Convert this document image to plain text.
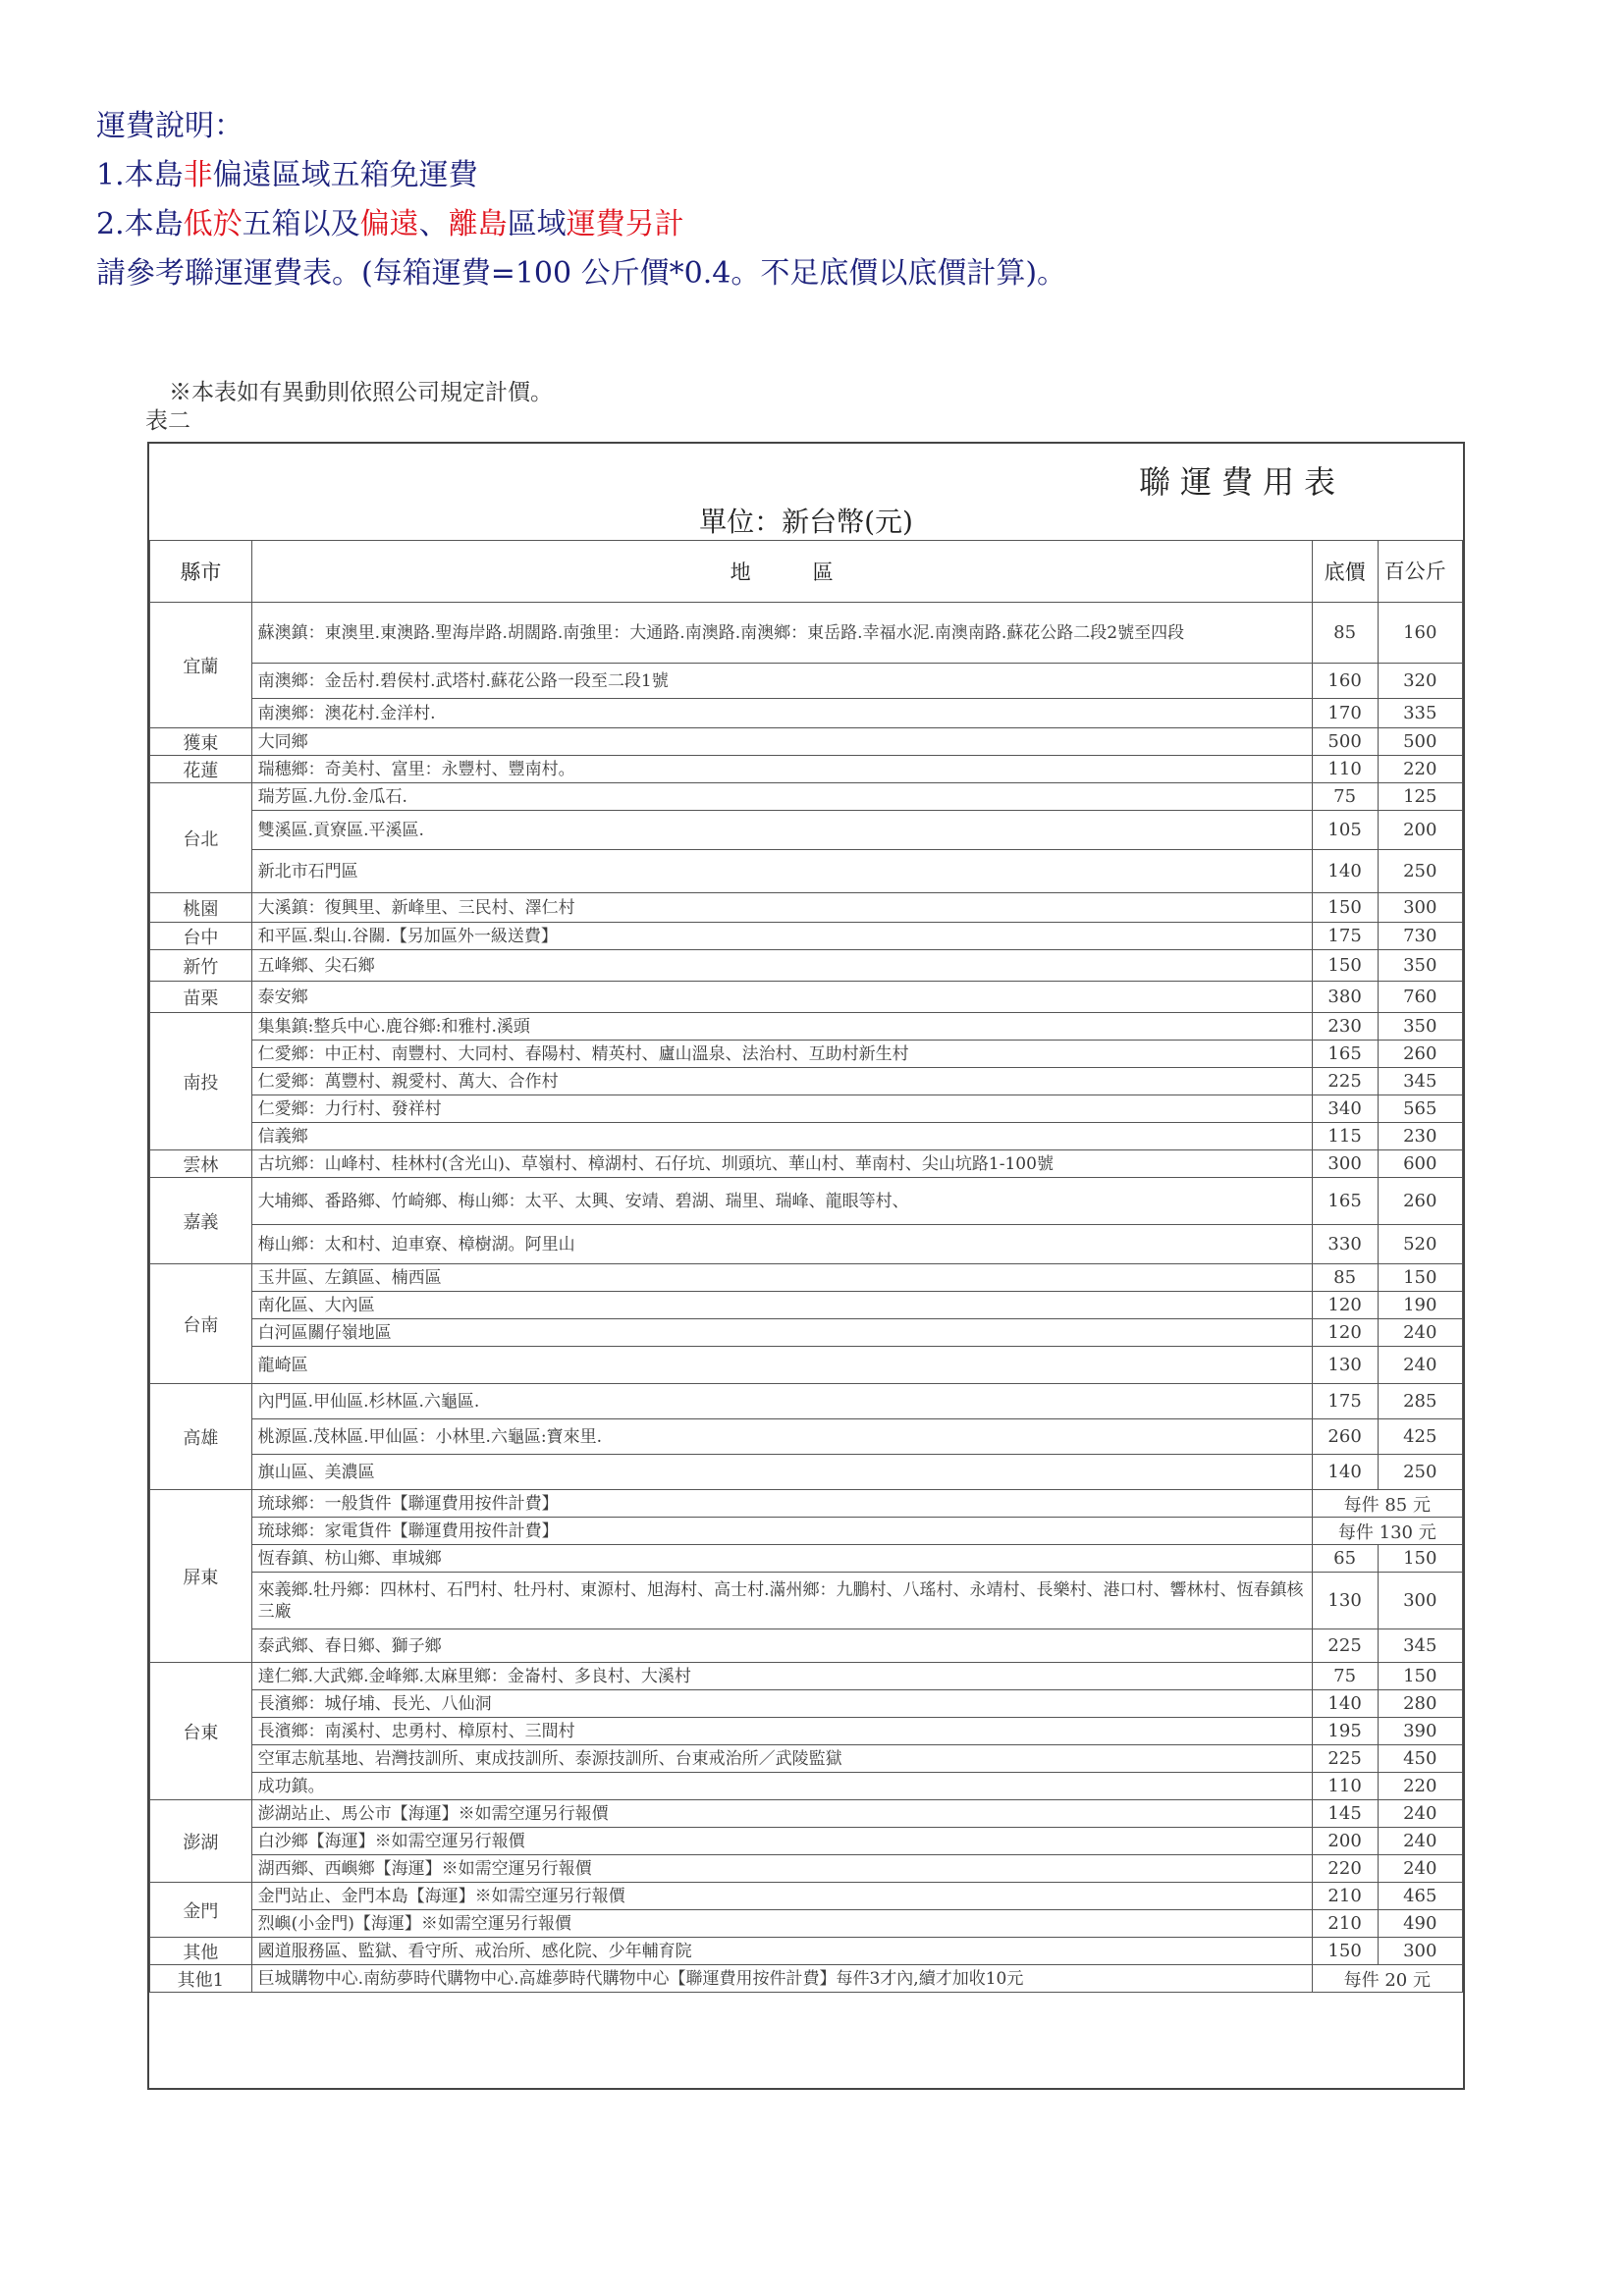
運費說明：
1.本島非偏遠區域五箱免運費
2.本島低於五箱以及偏遠、離島區域運費另計
請參考聯運運費表。(每箱運費=100 公斤價*0.4。不足底價以底價計算)。
※本表如有異動則依照公司規定計價。
表二
聯運費用表
單位：新台幣(元)
縣市	地　　　區	底價	百公斤
宜蘭	蘇澳鎮：東澳里.東澳路.聖海岸路.胡闊路.南強里：大通路.南澳路.南澳鄉：東岳路.幸福水泥.南澳南路.蘇花公路二段2號至四段	85	160
	南澳鄉：金岳村.碧侯村.武塔村.蘇花公路一段至二段1號	160	320
	南澳鄉：澳花村.金洋村.	170	335
獲東	大同鄉	500	500
花蓮	瑞穗鄉：奇美村、富里：永豐村、豐南村。	110	220
台北	瑞芳區.九份.金瓜石.	75	125
	雙溪區.貢寮區.平溪區.	105	200
	新北市石門區	140	250
桃園	大溪鎮：復興里、新峰里、三民村、澤仁村	150	300
台中	和平區.梨山.谷關.【另加區外一級送費】	175	730
新竹	五峰鄉、尖石鄉	150	350
苗栗	泰安鄉	380	760
南投	集集鎮:整兵中心.鹿谷鄉:和雅村.溪頭	230	350
	仁愛鄉：中正村、南豐村、大同村、春陽村、精英村、廬山溫泉、法治村、互助村新生村	165	260
	仁愛鄉：萬豐村、親愛村、萬大、合作村	225	345
	仁愛鄉：力行村、發祥村	340	565
	信義鄉	115	230
雲林	古坑鄉：山峰村、桂林村(含光山)、草嶺村、樟湖村、石仔坑、圳頭坑、華山村、華南村、尖山坑路1-100號	300	600
嘉義	大埔鄉、番路鄉、竹崎鄉、梅山鄉：太平、太興、安靖、碧湖、瑞里、瑞峰、龍眼等村、	165	260
	梅山鄉：太和村、迫車寮、樟樹湖。阿里山	330	520
台南	玉井區、左鎮區、楠西區	85	150
	南化區、大內區	120	190
	白河區關仔嶺地區	120	240
	龍崎區	130	240
高雄	內門區.甲仙區.杉林區.六龜區.	175	285
	桃源區.茂林區.甲仙區：小林里.六龜區:寶來里.	260	425
	旗山區、美濃區	140	250
屏東	琉球鄉：一般貨件【聯運費用按件計費】	每件 85 元	
	琉球鄉：家電貨件【聯運費用按件計費】	每件 130 元	
	恆春鎮、枋山鄉、車城鄉	65	150
	來義鄉.牡丹鄉：四林村、石門村、牡丹村、東源村、旭海村、高士村.滿州鄉：九鵬村、八瑤村、永靖村、長樂村、港口村、響林村、恆春鎮核三廠	130	300
	泰武鄉、春日鄉、獅子鄉	225	345
台東	達仁鄉.大武鄉.金峰鄉.太麻里鄉：金崙村、多良村、大溪村	75	150
	長濱鄉：城仔埔、長光、八仙洞	140	280
	長濱鄉：南溪村、忠勇村、樟原村、三間村	195	390
	空軍志航基地、岩灣技訓所、東成技訓所、泰源技訓所、台東戒治所／武陵監獄	225	450
	成功鎮。	110	220
澎湖	澎湖站止、馬公市【海運】※如需空運另行報價	145	240
	白沙鄉【海運】※如需空運另行報價	200	240
	湖西鄉、西嶼鄉【海運】※如需空運另行報價	220	240
金門	金門站止、金門本島【海運】※如需空運另行報價	210	465
	烈嶼(小金門)【海運】※如需空運另行報價	210	490
其他	國道服務區、監獄、看守所、戒治所、感化院、少年輔育院	150	300
其他1	巨城購物中心.南紡夢時代購物中心.高雄夢時代購物中心【聯運費用按件計費】每件3才內,續才加收10元	每件 20 元	
